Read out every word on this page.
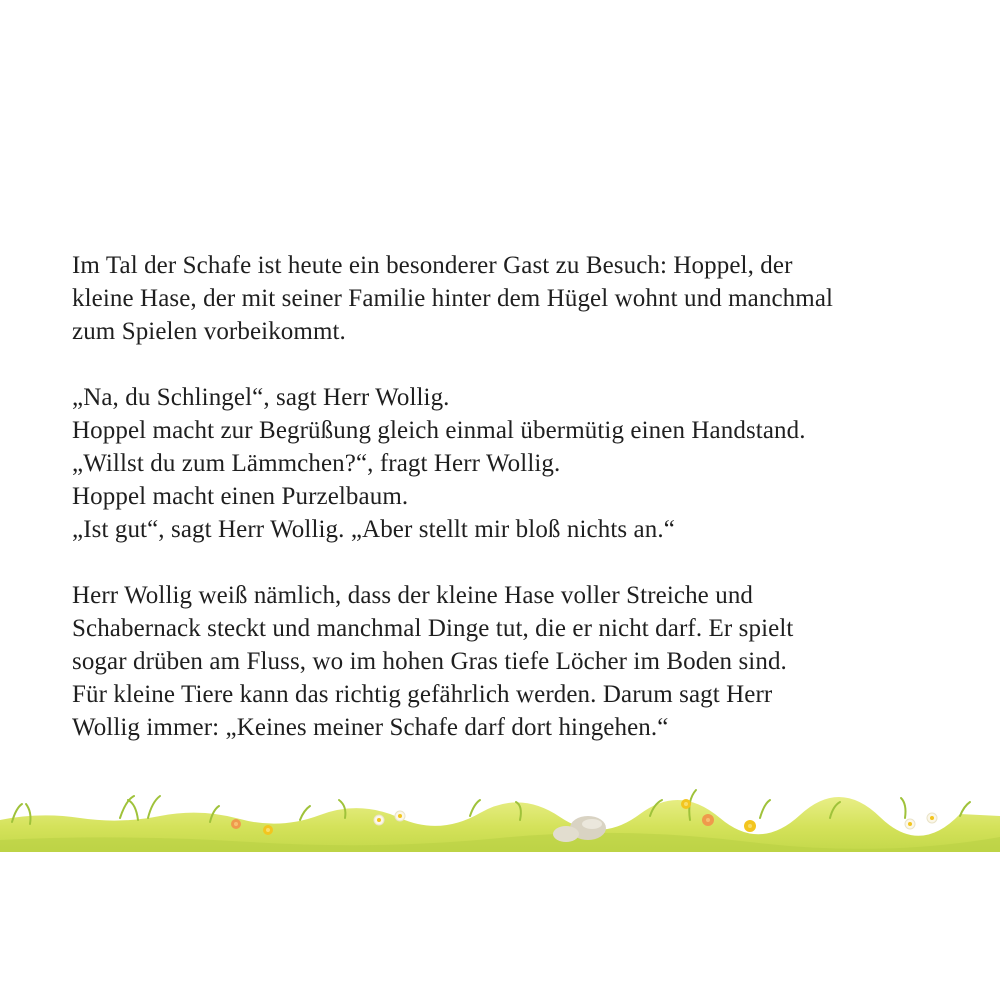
Im Tal der Schafe ist heute ein besonderer Gast zu Besuch: Hoppel, der
kleine Hase, der mit seiner Familie hinter dem Hügel wohnt und manchmal
zum Spielen vorbeikommt.

„Na, du Schlingel“, sagt Herr Wollig.
Hoppel macht zur Begrüßung gleich einmal übermütig einen Handstand.
„Willst du zum Lämmchen?“, fragt Herr Wollig.
Hoppel macht einen Purzelbaum.
„Ist gut“, sagt Herr Wollig. „Aber stellt mir bloß nichts an.“

Herr Wollig weiß nämlich, dass der kleine Hase voller Streiche und
Schabernack steckt und manchmal Dinge tut, die er nicht darf. Er spielt
sogar drüben am Fluss, wo im hohen Gras tiefe Löcher im Boden sind.
Für kleine Tiere kann das richtig gefährlich werden. Darum sagt Herr
Wollig immer: „Keines meiner Schafe darf dort hingehen.“
